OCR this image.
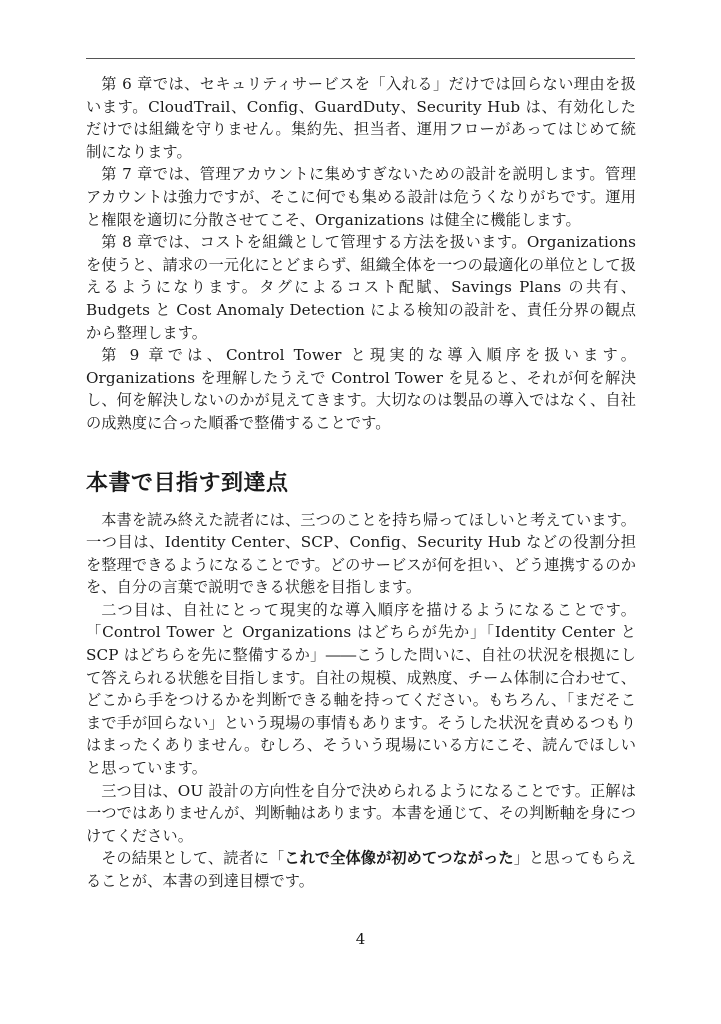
第 6 章では、セキュリティサービスを「入れる」だけでは回らない理由を扱います。CloudTrail、Config、GuardDuty、Security Hub は、有効化しただけでは組織を守りません。集約先、担当者、運用フローがあってはじめて統制になります。

第 7 章では、管理アカウントに集めすぎないための設計を説明します。管理アカウントは強力ですが、そこに何でも集める設計は危うくなりがちです。運用と権限を適切に分散させてこそ、Organizations は健全に機能します。

第 8 章では、コストを組織として管理する方法を扱います。Organizations を使うと、請求の一元化にとどまらず、組織全体を一つの最適化の単位として扱えるようになります。タグによるコスト配賦、Savings Plans の共有、Budgets と Cost Anomaly Detection による検知の設計を、責任分界の観点から整理します。

第 9 章では、Control Tower と現実的な導入順序を扱います。Organizations を理解したうえで Control Tower を見ると、それが何を解決し、何を解決しないのかが見えてきます。大切なのは製品の導入ではなく、自社の成熟度に合った順番で整備することです。

本書で目指す到達点

本書を読み終えた読者には、三つのことを持ち帰ってほしいと考えています。一つ目は、Identity Center、SCP、Config、Security Hub などの役割分担を整理できるようになることです。どのサービスが何を担い、どう連携するのかを、自分の言葉で説明できる状態を目指します。

二つ目は、自社にとって現実的な導入順序を描けるようになることです。「Control Tower と Organizations はどちらが先か」「Identity Center と SCP はどちらを先に整備するか」――こうした問いに、自社の状況を根拠にして答えられる状態を目指します。自社の規模、成熟度、チーム体制に合わせて、どこから手をつけるかを判断できる軸を持ってください。もちろん、「まだそこまで手が回らない」という現場の事情もあります。そうした状況を責めるつもりはまったくありません。むしろ、そういう現場にいる方にこそ、読んでほしいと思っています。

三つ目は、OU 設計の方向性を自分で決められるようになることです。正解は一つではありませんが、判断軸はあります。本書を通じて、その判断軸を身につけてください。

その結果として、読者に「これで全体像が初めてつながった」と思ってもらえることが、本書の到達目標です。

4
